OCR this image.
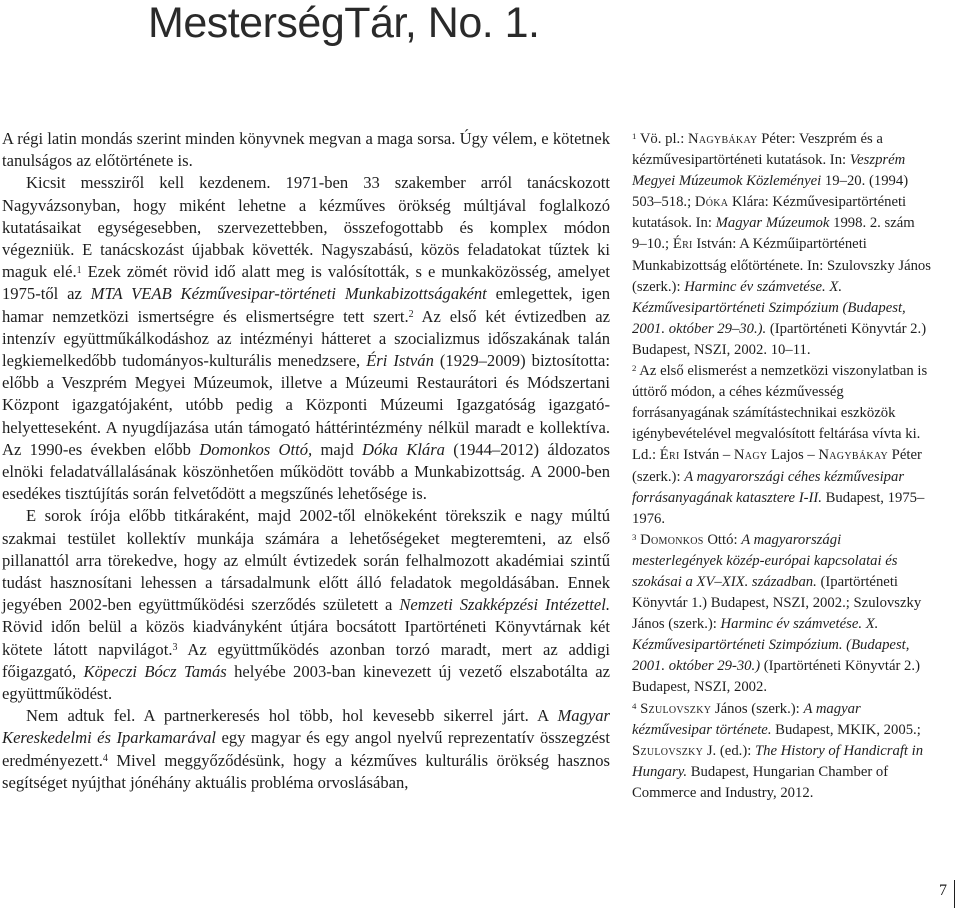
MesterségTár, No. 1.

A régi latin mondás szerint minden könyvnek megvan a maga sorsa. Úgy vélem, e kötetnek tanulságos az előtörténete is.

Kicsit messziről kell kezdenem. 1971-ben 33 szakember arról tanácskozott Nagyvázsonyban, hogy miként lehetne a kézműves örökség múltjával foglalkozó kutatásaikat egységesebben, szervezettebben, összefogottabb és komplex módon végezniük. E tanácskozást újabbak követték. Nagyszabású, közös feladatokat tűztek ki maguk elé.$^1$ Ezek zömét rövid idő alatt meg is valósították, s e munkaközösség, amelyet 1975-től az MTA VEAB Kézművesipar-történeti Munkabizottságaként emlegettek, igen hamar nemzetközi ismertségre és elismertségre tett szert.$^2$ Az első két évtizedben az intenzív együttműkálkodáshoz az intézményi hátteret a szocializmus időszakának talán legkiemelkedőbb tudományos-kulturális menedzsere, Éri István (1929–2009) biztosította: előbb a Veszprém Megyei Múzeumok, illetve a Múzeumi Restaurátori és Módszertani Központ igazgatójaként, utóbb pedig a Központi Múzeumi Igazgatóság igazgató-helyetteseként. A nyugdíjazása után támogató háttérintézmény nélkül maradt e kollektíva. Az 1990-es években előbb Domonkos Ottó, majd Dóka Klára (1944–2012) áldozatos elnöki feladatvállalásának köszönhetően működött tovább a Munkabizottság. A 2000-ben esedékes tisztújítás során felvetődött a megszűnés lehetősége is.

E sorok írója előbb titkáraként, majd 2002-től elnökeként törekszik e nagy múltú szakmai testület kollektív munkája számára a lehetőségeket megteremteni, az első pillanattól arra törekedve, hogy az elmúlt évtizedek során felhalmozott akadémiai szintű tudást hasznosítani lehessen a társadalmunk előtt álló feladatok megoldásában. Ennek jegyében 2002-ben együttműködési szerződés született a Nemzeti Szakképzési Intézettel. Rövid időn belül a közös kiadványként útjára bocsátott Ipartörténeti Könyvtárnak két kötete látott napvilágot.$^3$ Az együttműködés azonban torzó maradt, mert az addigi főigazgató, Köpeczi Bócz Tamás helyébe 2003-ban kinevezett új vezető elszabotálta az együttműködést.

Nem adtuk fel. A partnerkeresés hol több, hol kevesebb sikerrel járt. A Magyar Kereskedelmi és Iparkamarával egy magyar és egy angol nyelvű reprezentatív összegzést eredményezett.$^4$ Mivel meggyőződésünk, hogy a kézműves kulturális örökség hasznos segítséget nyújthat jónéhány aktuális probléma orvoslásában,

$^1$ Vö. pl.: Nagybákay Péter: Veszprém és a kézművesipartörténeti kutatások. In: Veszprém Megyei Múzeumok Közleményei 19–20. (1994) 503–518.; Dóka Klára: Kézművesipartörténeti kutatások. In: Magyar Múzeumok 1998. 2. szám 9–10.; Éri István: A Kézműipartörténeti Munkabizottság előtörténete. In: Szulovszky János (szerk.): Harminc év számvetése. X. Kézművesipartörténeti Szimpózium (Budapest, 2001. október 29–30.). (Ipartörténeti Könyvtár 2.) Budapest, NSZI, 2002. 10–11.

$^2$ Az első elismerést a nemzetközi viszonylatban is úttörő módon, a céhes kézművesség forrásanyagának számítástechnikai eszközök igénybevételével megvalósított feltárása vívta ki. Ld.: Éri István – Nagy Lajos – Nagybákay Péter (szerk.): A magyarországi céhes kézművesipar forrásanyagának katasztere I-II. Budapest, 1975–1976.

$^3$ Domonkos Ottó: A magyarországi mesterlegények közép-európai kapcsolatai és szokásai a XV–XIX. században. (Ipartörténeti Könyvtár 1.) Budapest, NSZI, 2002.; Szulovszky János (szerk.): Harminc év számvetése. X. Kézművesipartörténeti Szimpózium. (Budapest, 2001. október 29-30.) (Ipartörténeti Könyvtár 2.) Budapest, NSZI, 2002.

$^4$ Szulovszky János (szerk.): A magyar kézművesipar története. Budapest, MKIK, 2005.; Szulovszky J. (ed.): The History of Handicraft in Hungary. Budapest, Hungarian Chamber of Commerce and Industry, 2012.

7
